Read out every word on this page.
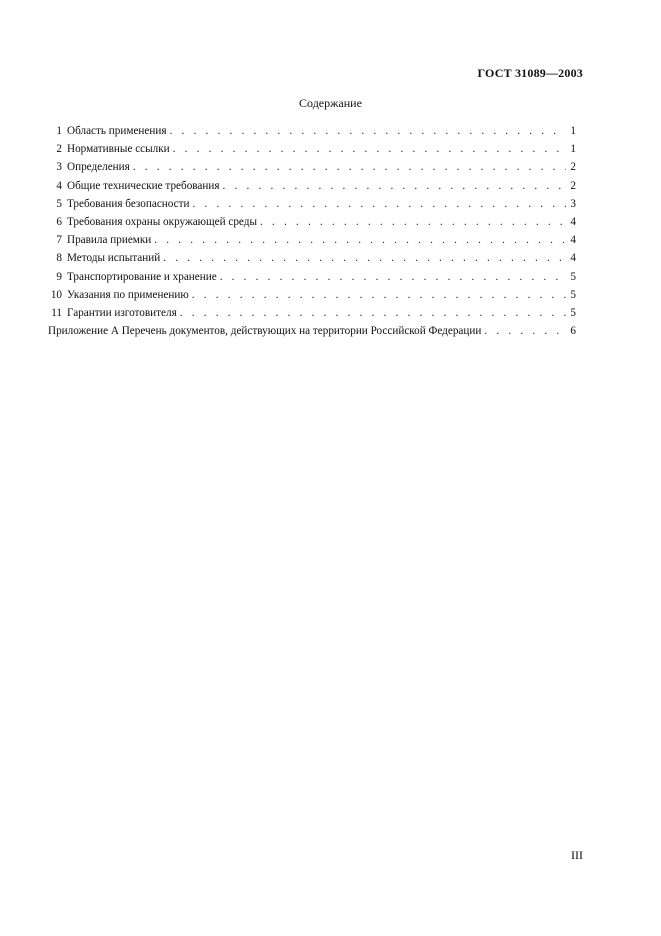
ГОСТ 31089—2003
Содержание
1 Область применения . . .	1
2 Нормативные ссылки . . .	1
3 Определения . . .	2
4 Общие технические требования . . .	2
5 Требования безопасности . . .	3
6 Требования охраны окружающей среды . . .	4
7 Правила приемки . . .	4
8 Методы испытаний . . .	4
9 Транспортирование и хранение . . .	5
10 Указания по применению . . .	5
11 Гарантии изготовителя . . .	5
Приложение А Перечень документов, действующих на территории Российской Федерации . . .	6
III
